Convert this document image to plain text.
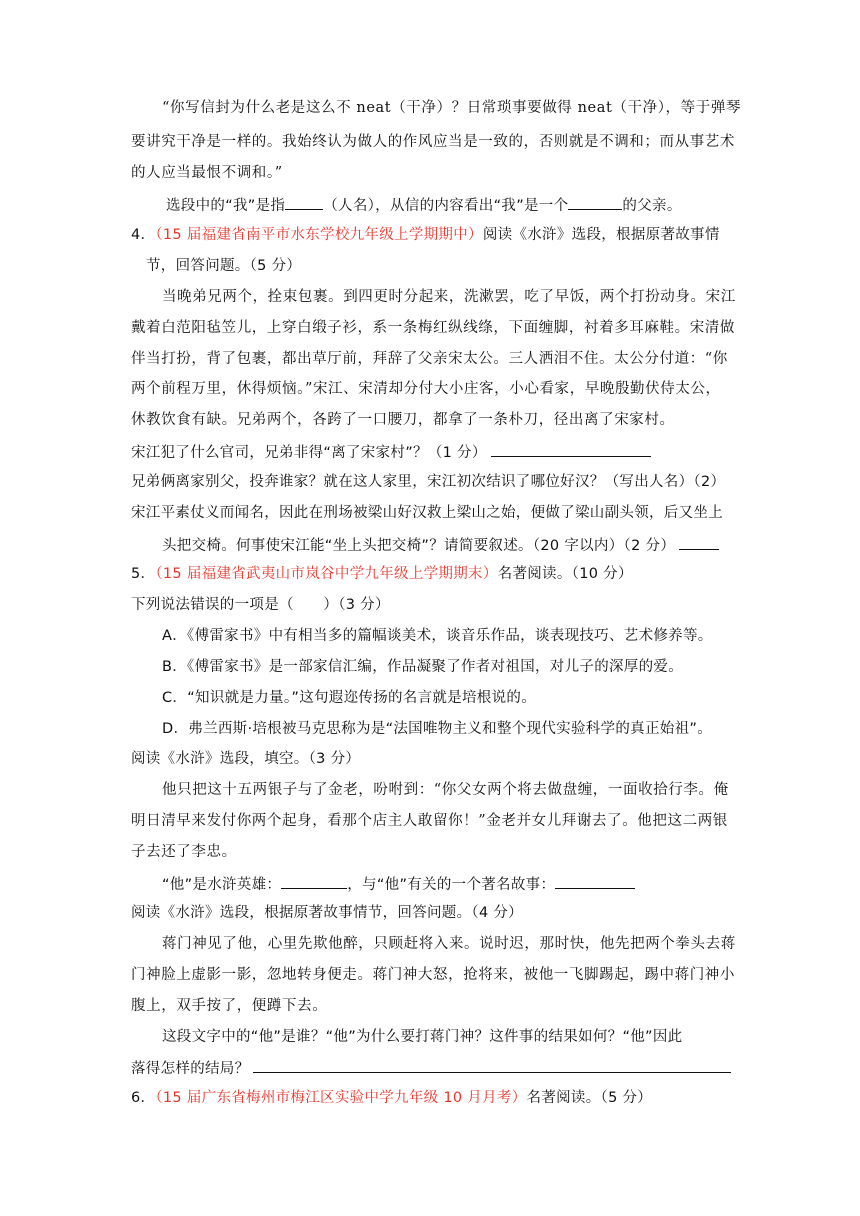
“你写信封为什么老是这么不 neat（干净）？日常琐事要做得 neat（干净），等于弹琴

要讲究干净是一样的。我始终认为做人的作风应当是一致的，否则就是不调和；而从事艺术

的人应当最恨不调和。”

选段中的“我”是指	（人名），从信的内容看出“我”是一个	的父亲。

4．（15 届福建省南平市水东学校九年级上学期期中）阅读《水浒》选段，根据原著故事情

节，回答问题。（5 分）

当晚弟兄两个，拴束包裹。到四更时分起来，洗漱罢，吃了早饭，两个打扮动身。宋江

戴着白范阳毡笠儿，上穿白缎子衫，系一条梅红纵线绦，下面缠脚，衬着多耳麻鞋。宋清做

伴当打扮，背了包裹，都出草厅前，拜辞了父亲宋太公。三人洒泪不住。太公分付道：“你

两个前程万里，休得烦恼。”宋江、宋清却分付大小庄客，小心看家，早晚殷勤伏侍太公，

休教饮食有缺。兄弟两个，各跨了一口腰刀，都拿了一条朴刀，径出离了宋家村。

宋江犯了什么官司，兄弟非得“离了宋家村”？（1 分）

兄弟俩离家别父，投奔谁家？就在这人家里，宋江初次结识了哪位好汉？（写出人名）（2）

宋江平素仗义而闻名，因此在刑场被梁山好汉救上梁山之始，便做了梁山副头领，后又坐上

头把交椅。何事使宋江能“坐上头把交椅”？请简要叙述。（20 字以内）（2 分）

5．（15 届福建省武夷山市岚谷中学九年级上学期期末）名著阅读。（10 分）

下列说法错误的一项是（　　）（3 分）

A．《傅雷家书》中有相当多的篇幅谈美术，谈音乐作品，谈表现技巧、艺术修养等。

B．《傅雷家书》是一部家信汇编，作品凝聚了作者对祖国，对儿子的深厚的爱。

C．“知识就是力量。”这句遐迩传扬的名言就是培根说的。

D．弗兰西斯·培根被马克思称为是“法国唯物主义和整个现代实验科学的真正始祖”。

阅读《水浒》选段，填空。（3 分）

他只把这十五两银子与了金老，吩咐到：“你父女两个将去做盘缠，一面收拾行李。俺

明日清早来发付你两个起身，看那个店主人敢留你！”金老并女儿拜谢去了。他把这二两银

子去还了李忠。

“他”是水浒英雄：	，与“他”有关的一个著名故事：

阅读《水浒》选段，根据原著故事情节，回答问题。（4 分）

蒋门神见了他，心里先欺他醉，只顾赶将入来。说时迟，那时快，他先把两个拳头去蒋

门神脸上虚影一影，忽地转身便走。蒋门神大怒，抢将来，被他一飞脚踢起，踢中蒋门神小

腹上，双手按了，便蹲下去。

这段文字中的“他”是谁？“他”为什么要打蒋门神？这件事的结果如何？“他”因此

落得怎样的结局？

6．（15 届广东省梅州市梅江区实验中学九年级 10 月月考）名著阅读。（5 分）
